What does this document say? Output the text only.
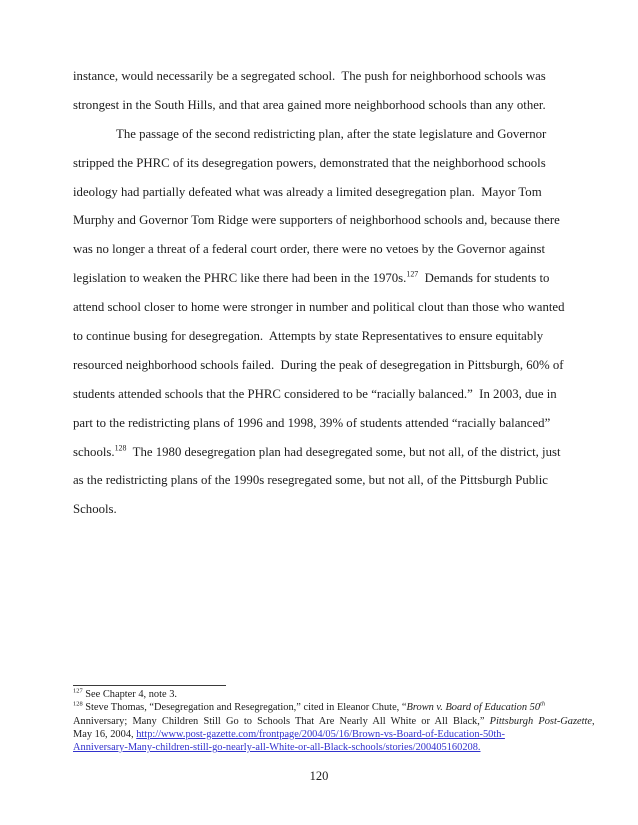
instance, would necessarily be a segregated school.  The push for neighborhood schools was
strongest in the South Hills, and that area gained more neighborhood schools than any other.
The passage of the second redistricting plan, after the state legislature and Governor
stripped the PHRC of its desegregation powers, demonstrated that the neighborhood schools
ideology had partially defeated what was already a limited desegregation plan.  Mayor Tom
Murphy and Governor Tom Ridge were supporters of neighborhood schools and, because there
was no longer a threat of a federal court order, there were no vetoes by the Governor against
legislation to weaken the PHRC like there had been in the 1970s.$^{127}$  Demands for students to
attend school closer to home were stronger in number and political clout than those who wanted
to continue busing for desegregation.  Attempts by state Representatives to ensure equitably
resourced neighborhood schools failed.  During the peak of desegregation in Pittsburgh, 60% of
students attended schools that the PHRC considered to be “racially balanced.”  In 2003, due in
part to the redistricting plans of 1996 and 1998, 39% of students attended “racially balanced”
schools.$^{128}$  The 1980 desegregation plan had desegregated some, but not all, of the district, just
as the redistricting plans of the 1990s resegregated some, but not all, of the Pittsburgh Public
Schools.
$^{127}$ See Chapter 4, note 3.
$^{128}$ Steve Thomas, “Desegregation and Resegregation,” cited in Eleanor Chute, “Brown v. Board of Education 50th
Anniversary; Many Children Still Go to Schools That Are Nearly All White or All Black,” Pittsburgh Post-Gazette,
May 16, 2004, http://www.post-gazette.com/frontpage/2004/05/16/Brown-vs-Board-of-Education-50th-
Anniversary-Many-children-still-go-nearly-all-White-or-all-Black-schools/stories/200405160208.
120
